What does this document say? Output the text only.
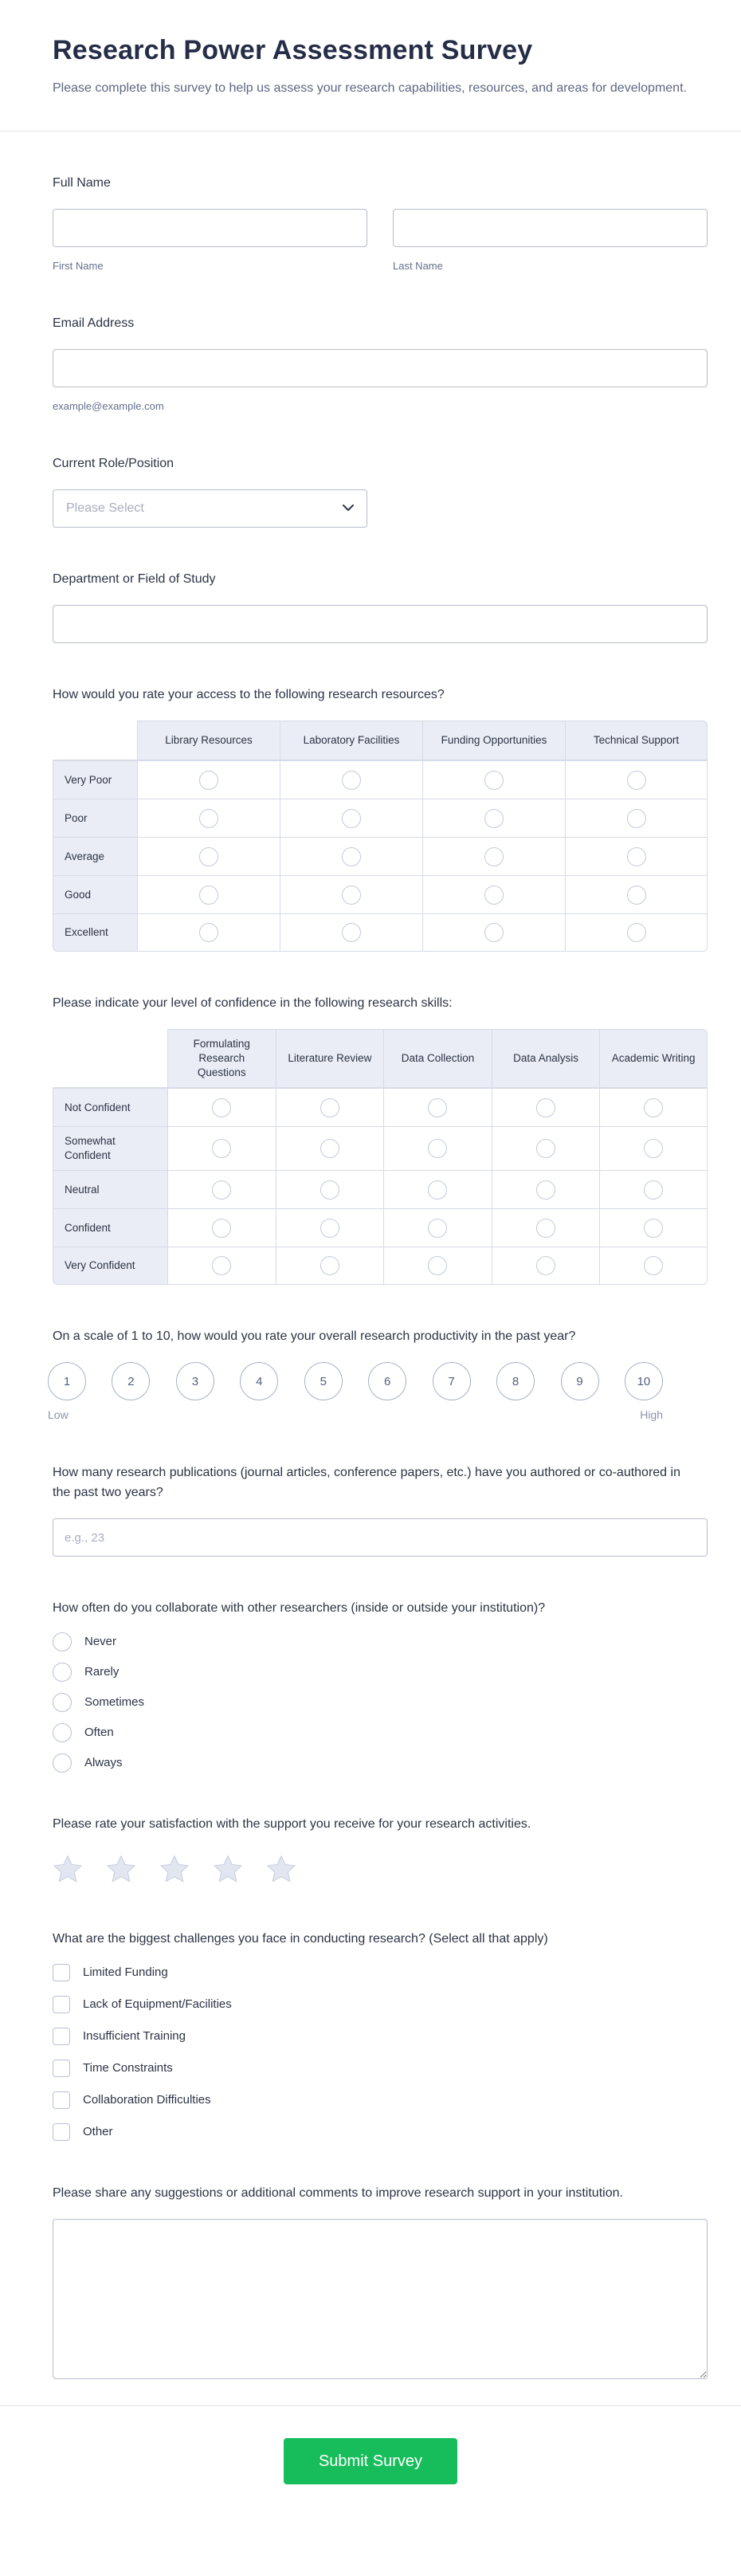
Research Power Assessment Survey
Please complete this survey to help us assess your research capabilities, resources, and areas for development.
Full Name
First Name	Last Name
Email Address
example@example.com
Current Role/Position
Please Select
Department or Field of Study
How would you rate your access to the following research resources?
	Library Resources	Laboratory Facilities	Funding Opportunities	Technical Support
Very Poor				
Poor				
Average				
Good				
Excellent				
Please indicate your level of confidence in the following research skills:
	Formulating Research Questions	Literature Review	Data Collection	Data Analysis	Academic Writing
Not Confident					
Somewhat Confident					
Neutral					
Confident					
Very Confident					
On a scale of 1 to 10, how would you rate your overall research productivity in the past year?
1	2	3	4	5	6	7	8	9	10
Low	High
How many research publications (journal articles, conference papers, etc.) have you authored or co-authored in the past two years?
e.g., 23
How often do you collaborate with other researchers (inside or outside your institution)?
Never
Rarely
Sometimes
Often
Always
Please rate your satisfaction with the support you receive for your research activities.
What are the biggest challenges you face in conducting research? (Select all that apply)
Limited Funding
Lack of Equipment/Facilities
Insufficient Training
Time Constraints
Collaboration Difficulties
Other
Please share any suggestions or additional comments to improve research support in your institution.
Submit Survey
